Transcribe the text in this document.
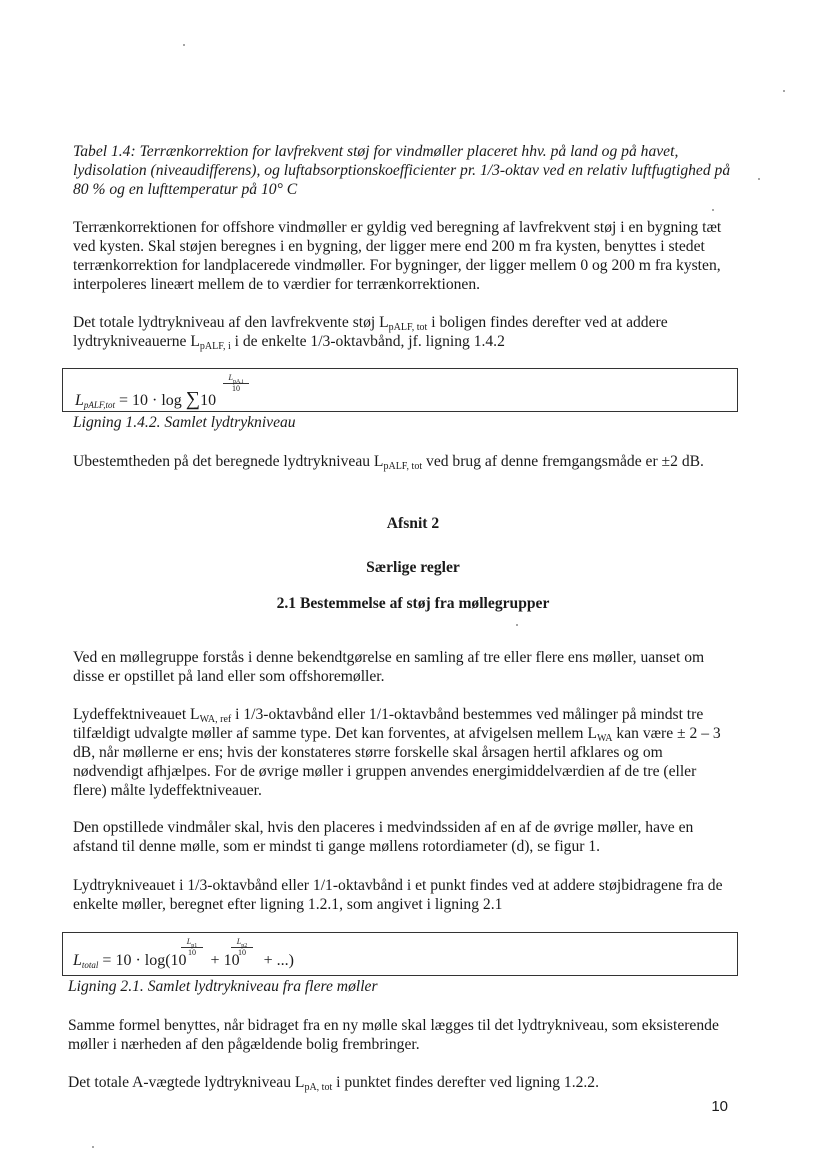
Tabel 1.4: Terrænkorrektion for lavfrekvent støj for vindmøller placeret hhv. på land og på havet, lydisolation (niveaudifferens), og luftabsorptionskoefficienter pr. 1/3-oktav ved en relativ luftfugtighed på 80 % og en lufttemperatur på 10° C
Terrænkorrektionen for offshore vindmøller er gyldig ved beregning af lavfrekvent støj i en bygning tæt ved kysten. Skal støjen beregnes i en bygning, der ligger mere end 200 m fra kysten, benyttes i stedet terrænkorrektion for landplacerede vindmøller. For bygninger, der ligger mellem 0 og 200 m fra kysten, interpoleres lineært mellem de to værdier for terrænkorrektionen.
Det totale lydtrykniveau af den lavfrekvente støj $L_{pALF, tot}$ i boligen findes derefter ved at addere lydtrykniveauerne $L_{pALF, i}$ i de enkelte 1/3-oktavbånd, jf. ligning 1.4.2
$L_{pALF,tot} = 10 \cdot \log \sum 10$
$L_{pA,i}$
10
Ligning 1.4.2. Samlet lydtrykniveau
Ubestemtheden på det beregnede lydtrykniveau $L_{pALF, tot}$ ved brug af denne fremgangsmåde er ±2 dB.
Afsnit 2
Særlige regler
2.1 Bestemmelse af støj fra møllegrupper
Ved en møllegruppe forstås i denne bekendtgørelse en samling af tre eller flere ens møller, uanset om disse er opstillet på land eller som offshoremøller.
Lydeffektniveauet $L_{WA, ref}$ i 1/3-oktavbånd eller 1/1-oktavbånd bestemmes ved målinger på mindst tre tilfældigt udvalgte møller af samme type. Det kan forventes, at afvigelsen mellem $L_{WA}$ kan være ± 2 – 3 dB, når møllerne er ens; hvis der konstateres større forskelle skal årsagen hertil afklares og om nødvendigt afhjælpes. For de øvrige møller i gruppen anvendes energimiddelværdien af de tre (eller flere) målte lydeffektniveauer.
Den opstillede vindmåler skal, hvis den placeres i medvindssiden af en af de øvrige møller, have en afstand til denne mølle, som er mindst ti gange møllens rotordiameter (d), se figur 1.
Lydtrykniveauet i 1/3-oktavbånd eller 1/1-oktavbånd i et punkt findes ved at addere støjbidragene fra de enkelte møller, beregnet efter ligning 1.2.1, som angivet i ligning 2.1
$L_{total} = 10 \cdot \log(10 + 10$ + ...)
$L_{p1}$
10
$L_{p2}$
10
Ligning 2.1. Samlet lydtrykniveau fra flere møller
Samme formel benyttes, når bidraget fra en ny mølle skal lægges til det lydtrykniveau, som eksisterende møller i nærheden af den pågældende bolig frembringer.
Det totale A-vægtede lydtrykniveau $L_{pA, tot}$ i punktet findes derefter ved ligning 1.2.2.
10
